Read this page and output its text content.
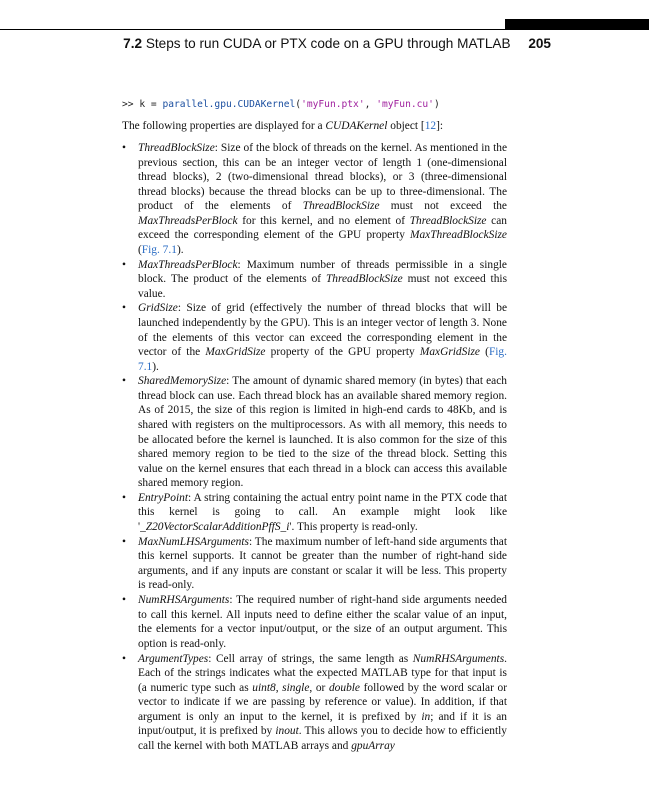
7.2 Steps to run CUDA or PTX code on a GPU through MATLAB 205
>> k = parallel.gpu.CUDAKernel('myFun.ptx', 'myFun.cu')
The following properties are displayed for a CUDAKernel object [12]:
• ThreadBlockSize: Size of the block of threads on the kernel. As mentioned in the previous section, this can be an integer vector of length 1 (one-dimensional thread blocks), 2 (two-dimensional thread blocks), or 3 (three-dimensional thread blocks) because the thread blocks can be up to three-dimensional. The product of the elements of ThreadBlockSize must not exceed the MaxThreadsPerBlock for this kernel, and no element of ThreadBlockSize can exceed the corresponding element of the GPU property MaxThreadBlockSize (Fig. 7.1).
• MaxThreadsPerBlock: Maximum number of threads permissible in a single block. The product of the elements of ThreadBlockSize must not exceed this value.
• GridSize: Size of grid (effectively the number of thread blocks that will be launched independently by the GPU). This is an integer vector of length 3. None of the elements of this vector can exceed the corresponding element in the vector of the MaxGridSize property of the GPU property MaxGridSize (Fig. 7.1).
• SharedMemorySize: The amount of dynamic shared memory (in bytes) that each thread block can use. Each thread block has an available shared memory region. As of 2015, the size of this region is limited in high-end cards to 48Kb, and is shared with registers on the multiprocessors. As with all memory, this needs to be allocated before the kernel is launched. It is also common for the size of this shared memory region to be tied to the size of the thread block. Setting this value on the kernel ensures that each thread in a block can access this available shared memory region.
• EntryPoint: A string containing the actual entry point name in the PTX code that this kernel is going to call. An example might look like '_Z20VectorScalarAdditionPffS_i'. This property is read-only.
• MaxNumLHSArguments: The maximum number of left-hand side arguments that this kernel supports. It cannot be greater than the number of right-hand side arguments, and if any inputs are constant or scalar it will be less. This property is read-only.
• NumRHSArguments: The required number of right-hand side arguments needed to call this kernel. All inputs need to define either the scalar value of an input, the elements for a vector input/output, or the size of an output argument. This option is read-only.
• ArgumentTypes: Cell array of strings, the same length as NumRHSArguments. Each of the strings indicates what the expected MATLAB type for that input is (a numeric type such as uint8, single, or double followed by the word scalar or vector to indicate if we are passing by reference or value). In addition, if that argument is only an input to the kernel, it is prefixed by in; and if it is an input/output, it is prefixed by inout. This allows you to decide how to efficiently call the kernel with both MATLAB arrays and gpuArray
